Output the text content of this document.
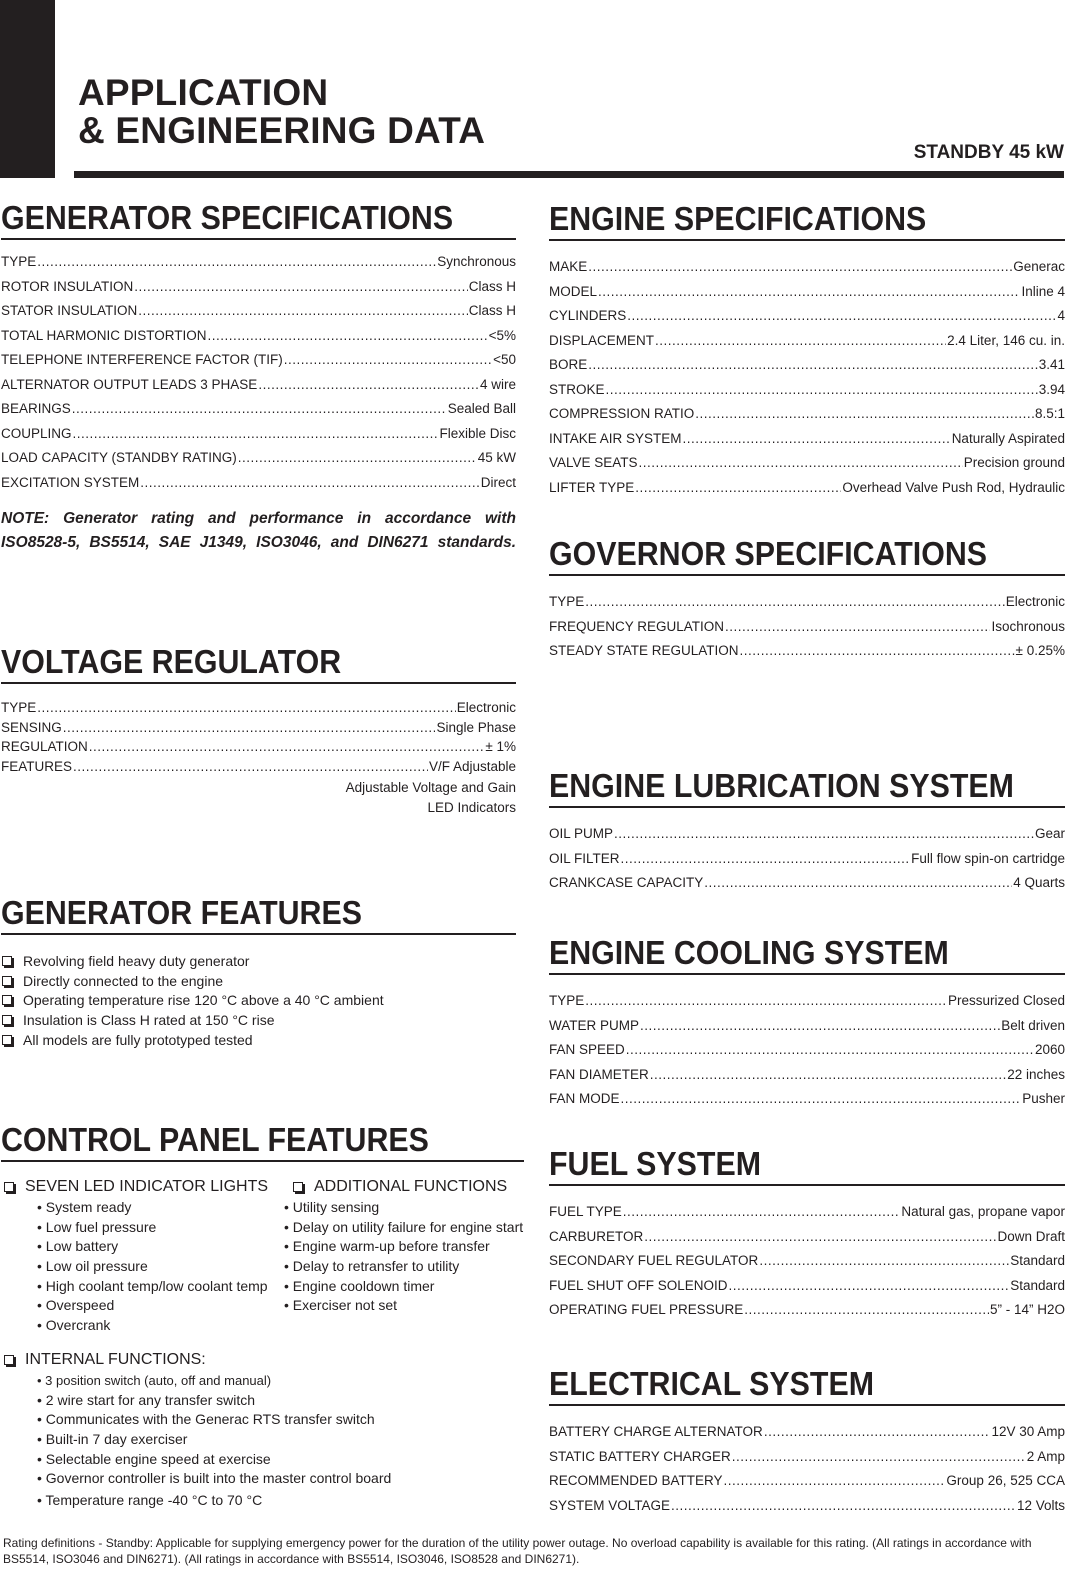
APPLICATION
& ENGINEERING DATA
STANDBY 45 kW
GENERATOR SPECIFICATIONS
TYPE .....	Synchronous
ROTOR INSULATION .....	Class H
STATOR INSULATION .....	Class H
TOTAL HARMONIC DISTORTION .....	<5%
TELEPHONE INTERFERENCE FACTOR (TIF) .....	<50
ALTERNATOR OUTPUT LEADS 3 PHASE .....	4 wire
BEARINGS .....	Sealed Ball
COUPLING .....	Flexible Disc
LOAD CAPACITY (STANDBY RATING) .....	45 kW
EXCITATION SYSTEM .....	Direct
NOTE: Generator rating and performance in accordance with ISO8528-5, BS5514, SAE J1349, ISO3046, and DIN6271 standards.
VOLTAGE REGULATOR
TYPE .....	Electronic
SENSING .....	Single Phase
REGULATION .....	± 1%
FEATURES .....	V/F Adjustable
Adjustable Voltage and Gain
LED Indicators
GENERATOR FEATURES
Revolving field heavy duty generator
Directly connected to the engine
Operating temperature rise 120 °C above a 40 °C ambient
Insulation is Class H rated at 150 °C rise
All models are fully prototyped tested
CONTROL PANEL FEATURES
SEVEN LED INDICATOR LIGHTS
• System ready
• Low fuel pressure
• Low battery
• Low oil pressure
• High coolant temp/low coolant temp
• Overspeed
• Overcrank
ADDITIONAL FUNCTIONS
• Utility sensing
• Delay on utility failure for engine start
• Engine warm-up before transfer
• Delay to retransfer to utility
• Engine cooldown timer
• Exerciser not set
INTERNAL FUNCTIONS:
• 3 position switch (auto, off and manual)
• 2 wire start for any transfer switch
• Communicates with the Generac RTS transfer switch
• Built-in 7 day exerciser
• Selectable engine speed at exercise
• Governor controller is built into the master control board
• Temperature range -40 °C to 70 °C
ENGINE SPECIFICATIONS
MAKE .....	Generac
MODEL .....	Inline 4
CYLINDERS .....	4
DISPLACEMENT .....	2.4 Liter, 146 cu. in.
BORE .....	3.41
STROKE .....	3.94
COMPRESSION RATIO .....	8.5:1
INTAKE AIR SYSTEM .....	Naturally Aspirated
VALVE SEATS .....	Precision ground
LIFTER TYPE .....	Overhead Valve Push Rod, Hydraulic
GOVERNOR SPECIFICATIONS
TYPE .....	Electronic
FREQUENCY REGULATION .....	Isochronous
STEADY STATE REGULATION .....	± 0.25%
ENGINE LUBRICATION SYSTEM
OIL PUMP .....	Gear
OIL FILTER .....	Full flow spin-on cartridge
CRANKCASE CAPACITY .....	4 Quarts
ENGINE COOLING SYSTEM
TYPE .....	Pressurized Closed
WATER PUMP .....	Belt driven
FAN SPEED .....	2060
FAN DIAMETER .....	22 inches
FAN MODE .....	Pusher
FUEL SYSTEM
FUEL TYPE .....	Natural gas, propane vapor
CARBURETOR .....	Down Draft
SECONDARY FUEL REGULATOR .....	Standard
FUEL SHUT OFF SOLENOID .....	Standard
OPERATING FUEL PRESSURE .....	5” - 14” H2O
ELECTRICAL SYSTEM
BATTERY CHARGE ALTERNATOR .....	12V 30 Amp
STATIC BATTERY CHARGER .....	2 Amp
RECOMMENDED BATTERY .....	Group 26, 525 CCA
SYSTEM VOLTAGE .....	12 Volts
Rating definitions - Standby: Applicable for supplying emergency power for the duration of the utility power outage. No overload capability is available for this rating. (All ratings in accordance with BS5514, ISO3046 and DIN6271). (All ratings in accordance with BS5514, ISO3046, ISO8528 and DIN6271).
